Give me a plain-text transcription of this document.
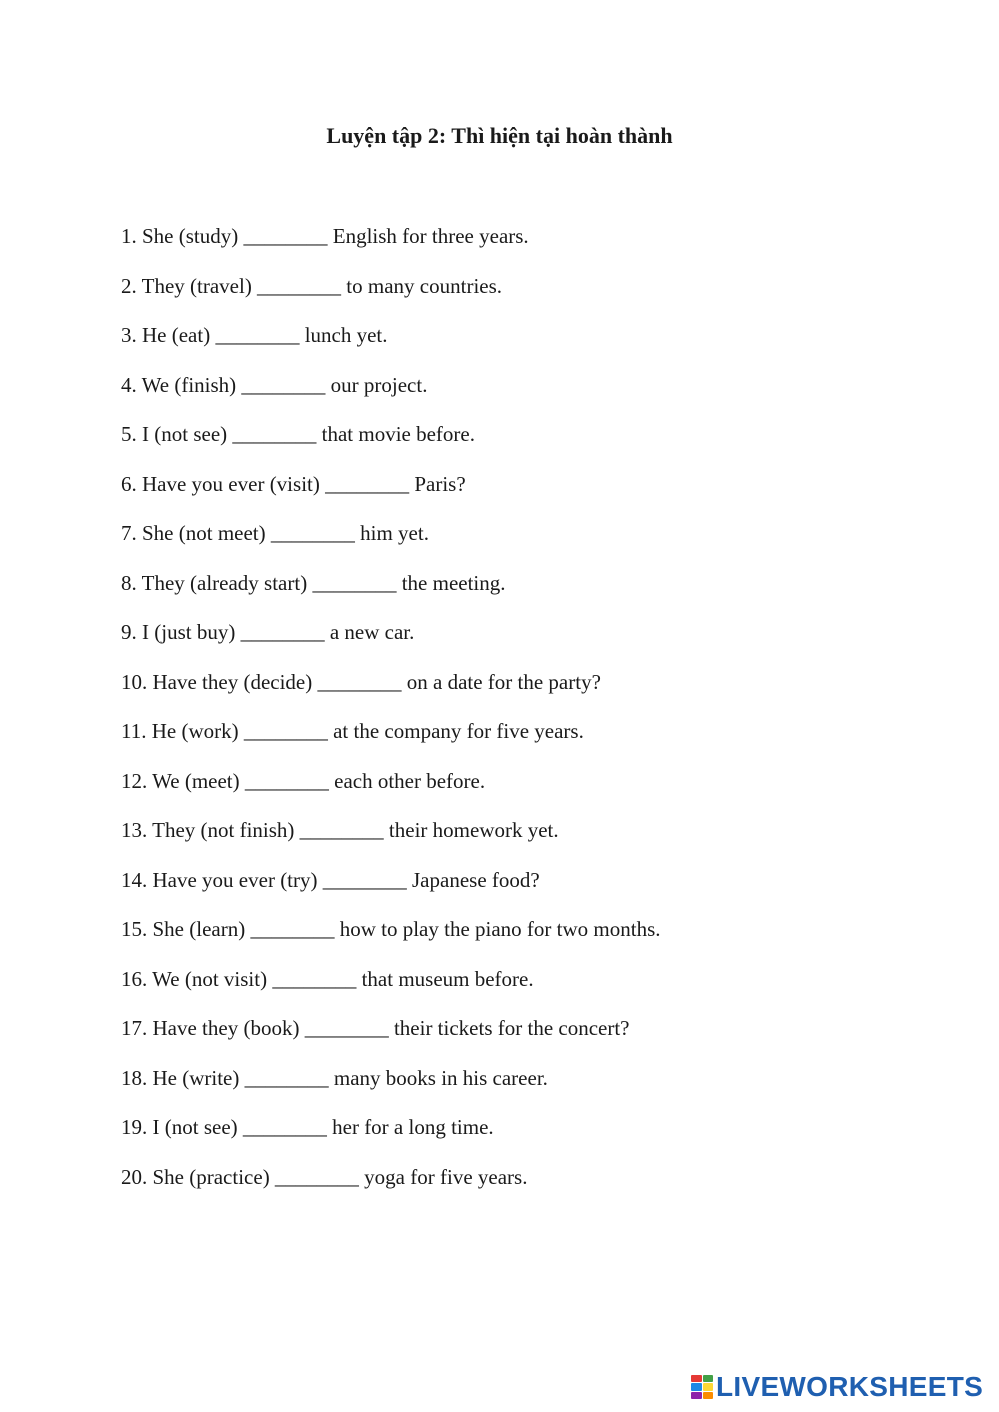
Luyện tập 2: Thì hiện tại hoàn thành
1. She (study) ________ English for three years.
2. They (travel) ________ to many countries.
3. He (eat) ________ lunch yet.
4. We (finish) ________ our project.
5. I (not see) ________ that movie before.
6. Have you ever (visit) ________ Paris?
7. She (not meet) ________ him yet.
8. They (already start) ________ the meeting.
9. I (just buy) ________ a new car.
10. Have they (decide) ________ on a date for the party?
11. He (work) ________ at the company for five years.
12. We (meet) ________ each other before.
13. They (not finish) ________ their homework yet.
14. Have you ever (try) ________ Japanese food?
15. She (learn) ________ how to play the piano for two months.
16. We (not visit) ________ that museum before.
17. Have they (book) ________ their tickets for the concert?
18. He (write) ________ many books in his career.
19. I (not see) ________ her for a long time.
20. She (practice) ________ yoga for five years.
LIVEWORKSHEETS
